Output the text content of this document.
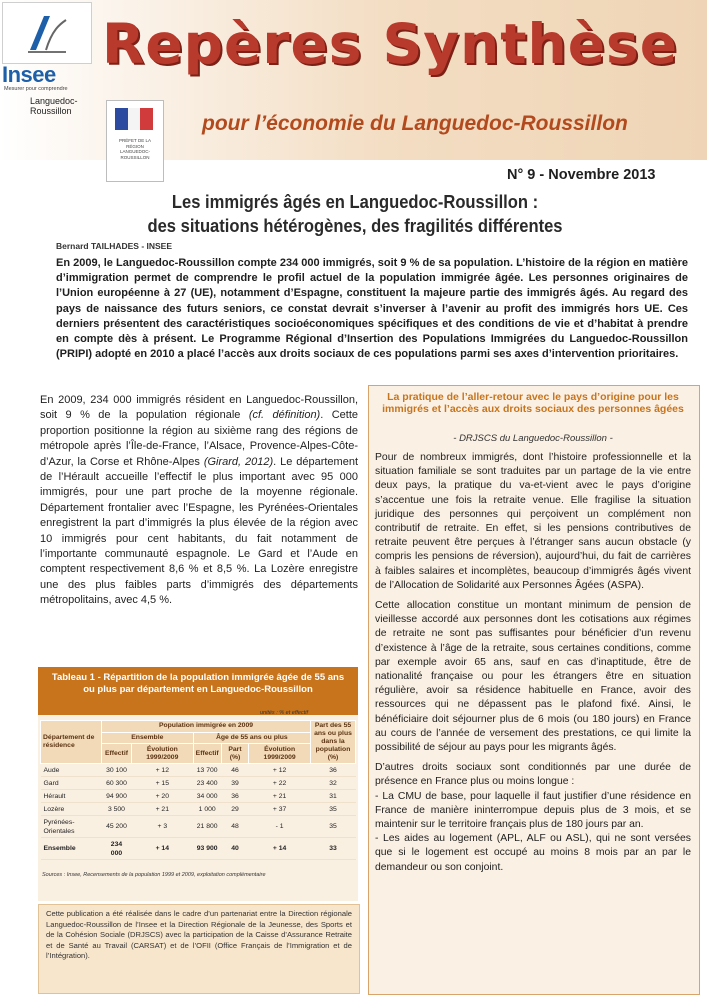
Insee
Mesurer pour comprendre
Languedoc-
Roussillon
PRÉFET DE LA RÉGION LANGUEDOC-ROUSSILLON
Repères Synthèse
pour l’économie du Languedoc-Roussillon
N° 9 - Novembre 2013
Les immigrés âgés en Languedoc-Roussillon :
des situations hétérogènes, des fragilités différentes
Bernard TAILHADES - INSEE
En 2009, le Languedoc-Roussillon compte 234 000 immigrés, soit 9 % de sa population. L’histoire de la région en matière d’immigration permet de comprendre le profil actuel de la population immigrée âgée. Les personnes originaires de l’Union européenne à 27 (UE), notamment d’Espagne, constituent la majeure partie des immigrés âgés. Au regard des pays de naissance des futurs seniors, ce constat devrait s’inverser à l’avenir au profit des immigrés hors UE. Ces derniers présentent des caractéristiques socioéconomiques spécifiques et des conditions de vie et d’habitat à prendre en compte dès à présent. Le Programme Régional d’Insertion des Populations Immigrées du Languedoc-Roussillon (PRIPI) adopté en 2010 a placé l’accès aux droits sociaux de ces populations parmi ses axes d’intervention prioritaires.
En 2009, 234 000 immigrés résident en Languedoc-Roussillon, soit 9 % de la population régionale (cf. définition). Cette proportion positionne la région au sixième rang des régions de métropole après l’Île-de-France, l’Alsace, Provence-Alpes-Côte-d’Azur, la Corse et Rhône-Alpes (Girard, 2012). Le département de l’Hérault accueille l’effectif le plus important avec 95 000 immigrés, pour une part proche de la moyenne régionale. Département frontalier avec l’Espagne, les Pyrénées-Orientales enregistrent la part d’immigrés la plus élevée de la région avec 10 immigrés pour cent habitants, du fait notamment de l’importante communauté espagnole. Le Gard et l’Aude en comptent respectivement 8,6 % et 8,5 %. La Lozère enregistre une des plus faibles parts d’immigrés des départements métropolitains, avec 4,5 %.
Tableau 1 - Répartition de la population immigrée âgée de 55 ans ou plus par département en Languedoc-Roussillon
unités : % et effectif
Département de résidence	Population immigrée en 2009					Part des 55 ans ou plus dans la population (%)
	Ensemble		Âge de 55 ans ou plus			
	Effectif	Évolution 1999/2009	Effectif	Part (%)	Évolution 1999/2009	
Aude	30 100	+ 12	13 700	46	+ 12	36
Gard	60 300	+ 15	23 400	39	+ 22	32
Hérault	94 900	+ 20	34 000	36	+ 21	31
Lozère	3 500	+ 21	1 000	29	+ 37	35
Pyrénées-Orientales	45 200	+ 3	21 800	48	- 1	35
Ensemble	234 000	+ 14	93 900	40	+ 14	33
Sources : Insee, Recensements de la population 1999 et 2009, exploitation complémentaire
Cette publication a été réalisée dans le cadre d’un partenariat entre la Direction régionale Languedoc-Roussillon de l’Insee et la Direction Régionale de la Jeunesse, des Sports et de la Cohésion Sociale (DRJSCS) avec la participation de la Caisse d’Assurance Retraite et de Santé au Travail (CARSAT) et de l’OFII (Office Français de l’Immigration et de l’Intégration).
La pratique de l’aller-retour avec le pays d’origine pour les immigrés et l’accès aux droits sociaux des personnes âgées
- DRJSCS du Languedoc-Roussillon -

Pour de nombreux immigrés, dont l’histoire professionnelle et la situation familiale se sont traduites par un partage de la vie entre deux pays, la pratique du va-et-vient avec le pays d’origine s’accentue une fois la retraite venue. Elle fragilise la situation juridique des personnes qui perçoivent un complément non contributif de retraite. En effet, si les pensions contributives de retraite peuvent être perçues à l’étranger sans aucun obstacle (y compris les pensions de réversion), aujourd’hui, du fait de carrières à faibles salaires et incomplètes, beaucoup d’immigrés âgés vivent de l’Allocation de Solidarité aux Personnes Âgées (ASPA).

Cette allocation constitue un montant minimum de pension de vieillesse accordé aux personnes dont les cotisations aux régimes de retraite ne sont pas suffisantes pour bénéficier d’un revenu d’existence à l’âge de la retraite, sous certaines conditions, comme par exemple avoir 65 ans, sauf en cas d’inaptitude, être de nationalité française ou pour les étrangers être en situation régulière, avoir sa résidence habituelle en France, avoir des ressources qui ne dépassent pas le plafond fixé. Ainsi, le bénéficiaire doit séjourner plus de 6 mois (ou 180 jours) en France au cours de l’année de versement des prestations, ce qui limite la possibilité de séjour au pays pour les migrants âgés.

D’autres droits sociaux sont conditionnés par une durée de présence en France plus ou moins longue :

- La CMU de base, pour laquelle il faut justifier d’une résidence en France de manière ininterrompue depuis plus de 3 mois, et se maintenir sur le territoire français plus de 180 jours par an.

- Les aides au logement (APL, ALF ou ASL), qui ne sont versées que si le logement est occupé au moins 8 mois par an par le demandeur ou son conjoint.
